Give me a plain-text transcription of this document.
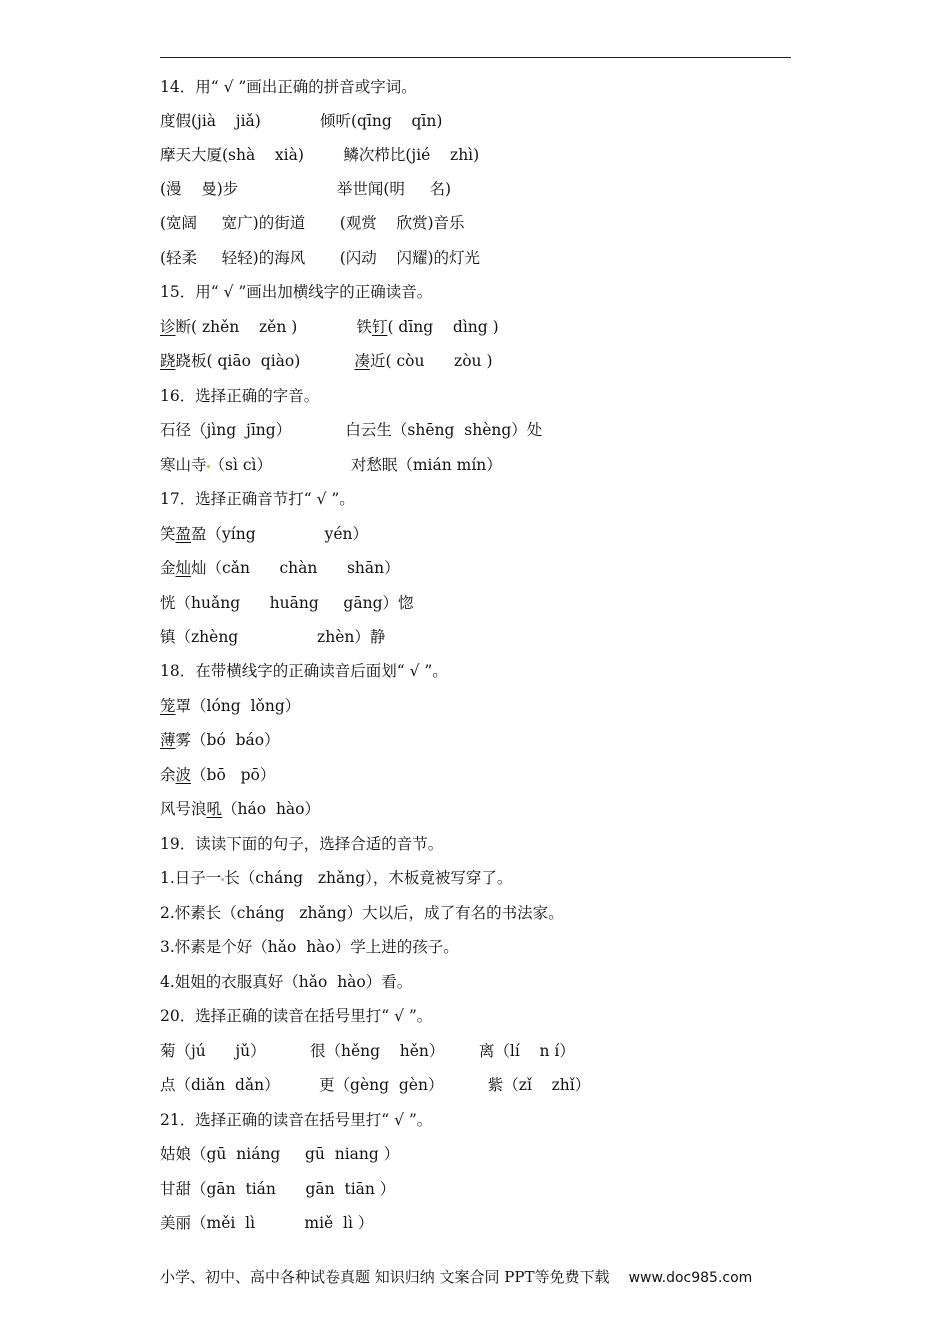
14．用“ √ ”画出正确的拼音或字词。
度假(jià    jiǎ)            倾听(qīng    qīn)
摩天大厦(shà    xià)        鳞次栉比(jié    zhì)
(漫    曼)步                    举世闻(明     名)
(宽阔     宽广)的街道       (观赏    欣赏)音乐
(轻柔     轻轻)的海风       (闪动    闪耀)的灯光
15．用“ √ ”画出加横线字的正确读音。
诊断( zhěn    zěn )            铁钉( dīng    dìng )
跷跷板( qiāo  qiào)           凑近( còu      zòu )
16．选择正确的字音。
石径（jìng  jīng）           白云生（shēng  shèng）处
寒山寺 （sì cì）                对愁眠（mián mín）
17．选择正确音节打“ √ ”。
笑盈盈（yíng              yén）
金灿灿（cǎn      chàn      shān）
恍（huǎng      huāng     gāng）惚
镇（zhèng                zhèn）静
18．在带横线字的正确读音后面划“ √ ”。
笼罩（lóng  lǒng）
薄雾（bó  báo）
余波（bō   pō）
风号浪吼（háo  hào）
19．读读下面的句子，选择合适的音节。
1.日子一 长（cháng   zhǎng），木板竟被写穿了。
2.怀素长（cháng   zhǎng）大以后，成了有名的书法家。
3.怀素是个好（hǎo  hào）学上进的孩子。
4.姐姐的衣服真好（hǎo  hào）看。
20．选择正确的读音在括号里打“ √ ”。
菊（jú      jǔ）         很（hěng    hěn）       离（lí    n í）
点（diǎn  dǎn）        更（gèng  gèn）         紫（zǐ    zhǐ）
21．选择正确的读音在括号里打“ √ ”。
姑娘（gū  niáng     gū  niang ）
甘甜（gān  tián      gān  tiān ）
美丽（měi  lì          miě  lì ）
小学、初中、高中各种试卷真题 知识归纳 文案合同 PPT等免费下载 www.doc985.com
